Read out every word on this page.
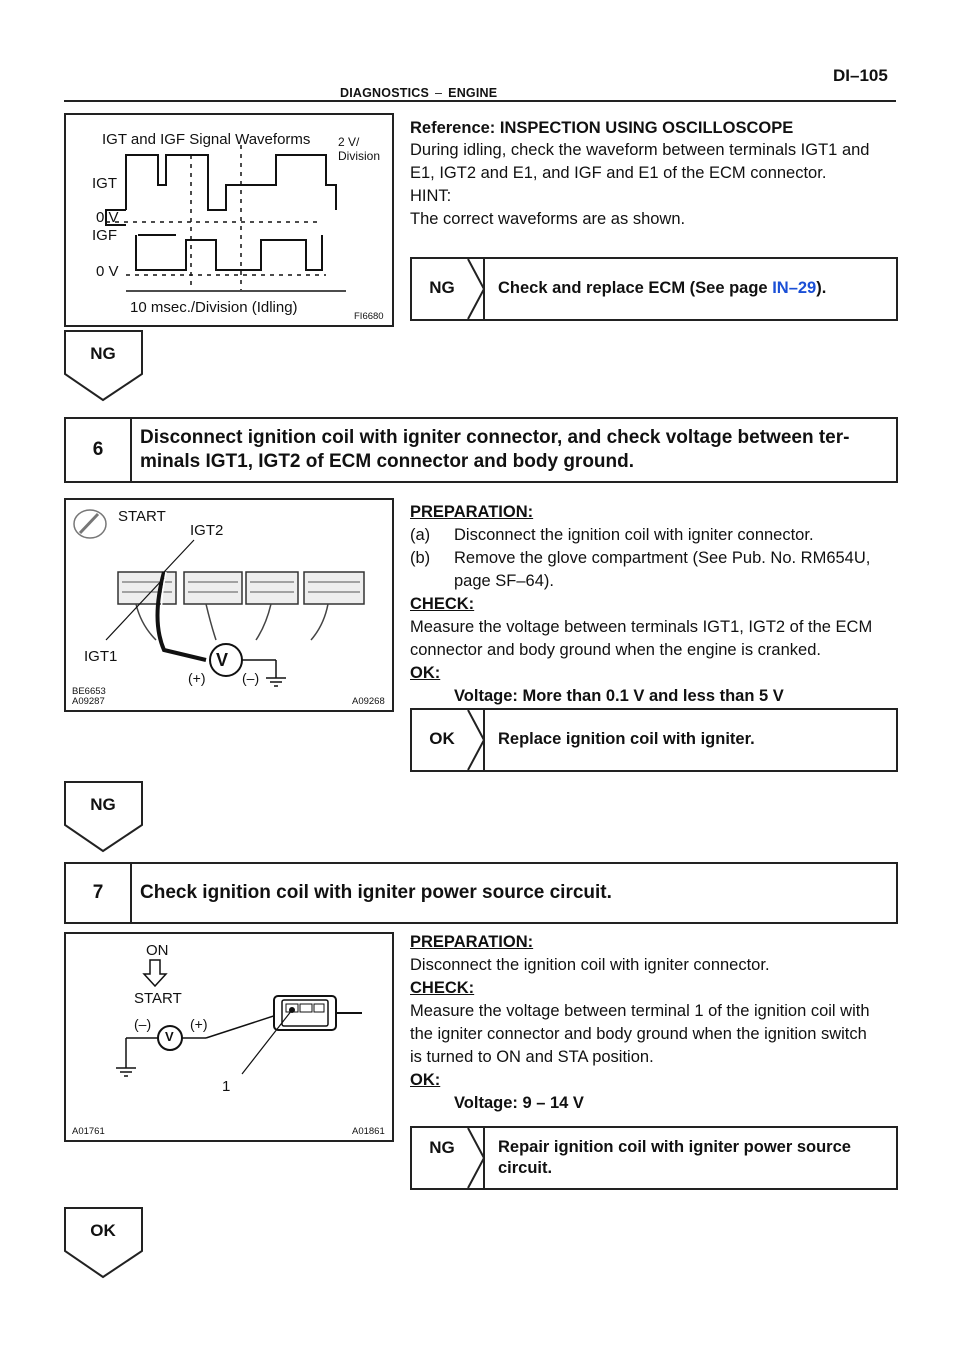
DI–105
DIAGNOSTICS – ENGINE
IGT and IGF Signal Waveforms 2 V/
Division
IGT
0 V
IGF
0 V
10 msec./Division (Idling)
FI6680
Reference: INSPECTION USING OSCILLOSCOPE
During idling, check the waveform between terminals IGT1 and
E1, IGT2 and E1, and IGF and E1 of the ECM connector.
HINT:
The correct waveforms are as shown.
NG	Check and replace ECM (See page IN–29).
NG
6
Disconnect ignition coil with igniter connector, and check voltage between ter-
minals IGT1, IGT2 of ECM connector and body ground.
START
IGT2
IGT1	V
(+)	(–)
BE6653
A09287	A09268
PREPARATION:
(a) Disconnect the ignition coil with igniter connector.
(b) Remove the glove compartment (See Pub. No. RM654U,
page SF–64).
CHECK:
Measure the voltage between terminals IGT1, IGT2 of the ECM
connector and body ground when the engine is cranked.
OK:
Voltage: More than 0.1 V and less than 5 V
OK	Replace ignition coil with igniter.
NG
7	Check ignition coil with igniter power source circuit.
ON
START
(–)	(+)
V
1
A01761	A01861
PREPARATION:
Disconnect the ignition coil with igniter connector.
CHECK:
Measure the voltage between terminal 1 of the ignition coil with
the igniter connector and body ground when the ignition switch
is turned to ON and STA position.
OK:
Voltage: 9 – 14 V
NG	Repair ignition coil with igniter power source
circuit.
OK
